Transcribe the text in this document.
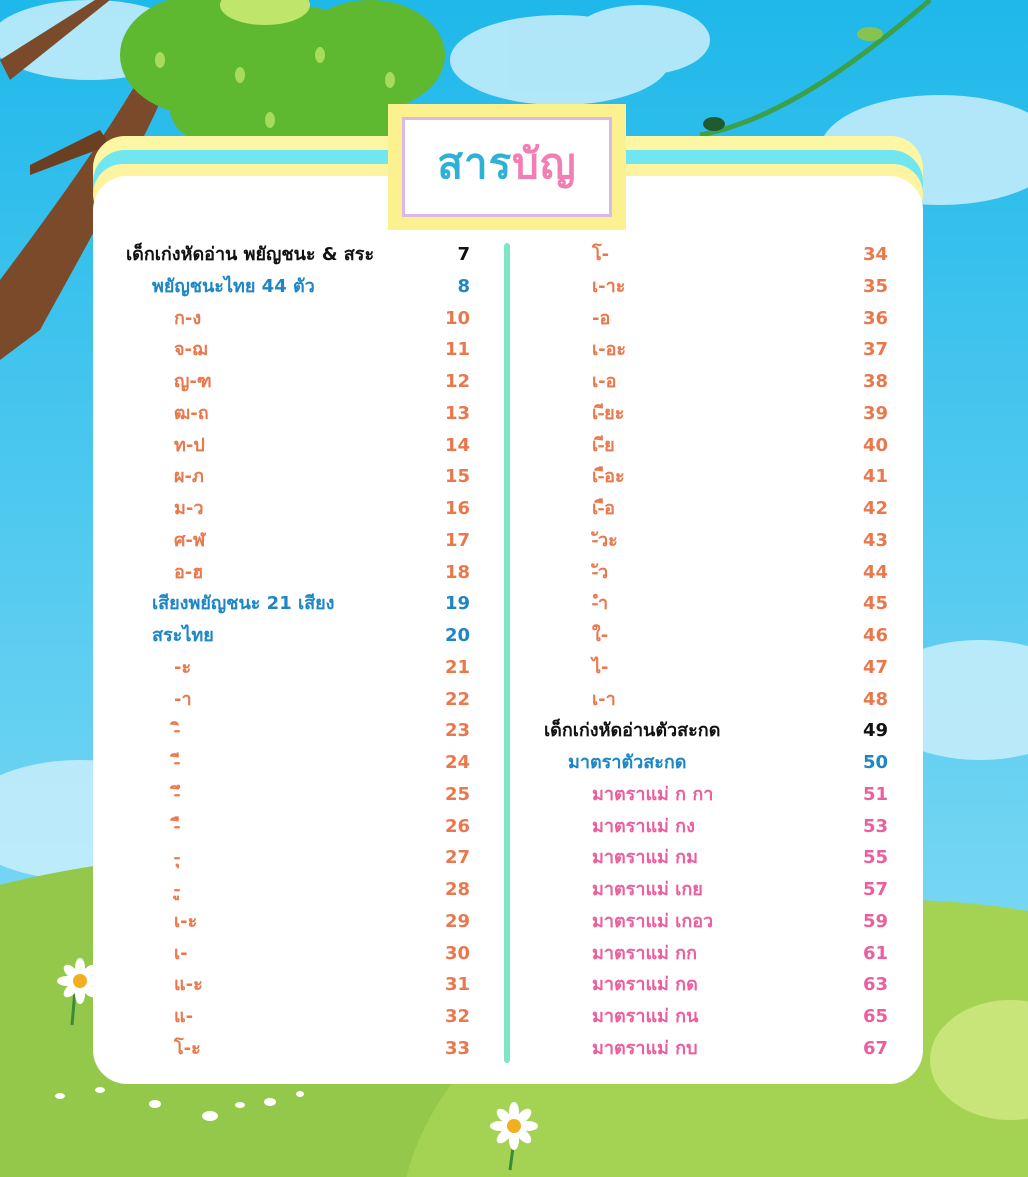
สารบัญ
เด็กเก่งหัดอ่าน พยัญชนะ & สระ	7
พยัญชนะไทย 44 ตัว	8
ก-ง	10
จ-ฌ	11
ญ-ฑ	12
ฒ-ถ	13
ท-ป	14
ผ-ภ	15
ม-ว	16
ศ-ฬ	17
อ-ฮ	18
เสียงพยัญชนะ 21 เสียง	19
สระไทย	20
-ะ	21
-า	22
-ิ	23
-ี	24
-ึ	25
-ื	26
-ุ	27
-ู	28
เ-ะ	29
เ-	30
แ-ะ	31
แ-	32
โ-ะ	33
โ-	34
เ-าะ	35
-อ	36
เ-อะ	37
เ-อ	38
เ-ียะ	39
เ-ีย	40
เ-ือะ	41
เ-ือ	42
-ัวะ	43
-ัว	44
-ำ	45
ใ-	46
ไ-	47
เ-า	48
เด็กเก่งหัดอ่านตัวสะกด	49
มาตราตัวสะกด	50
มาตราแม่ ก กา	51
มาตราแม่ กง	53
มาตราแม่ กม	55
มาตราแม่ เกย	57
มาตราแม่ เกอว	59
มาตราแม่ กก	61
มาตราแม่ กด	63
มาตราแม่ กน	65
มาตราแม่ กบ	67
